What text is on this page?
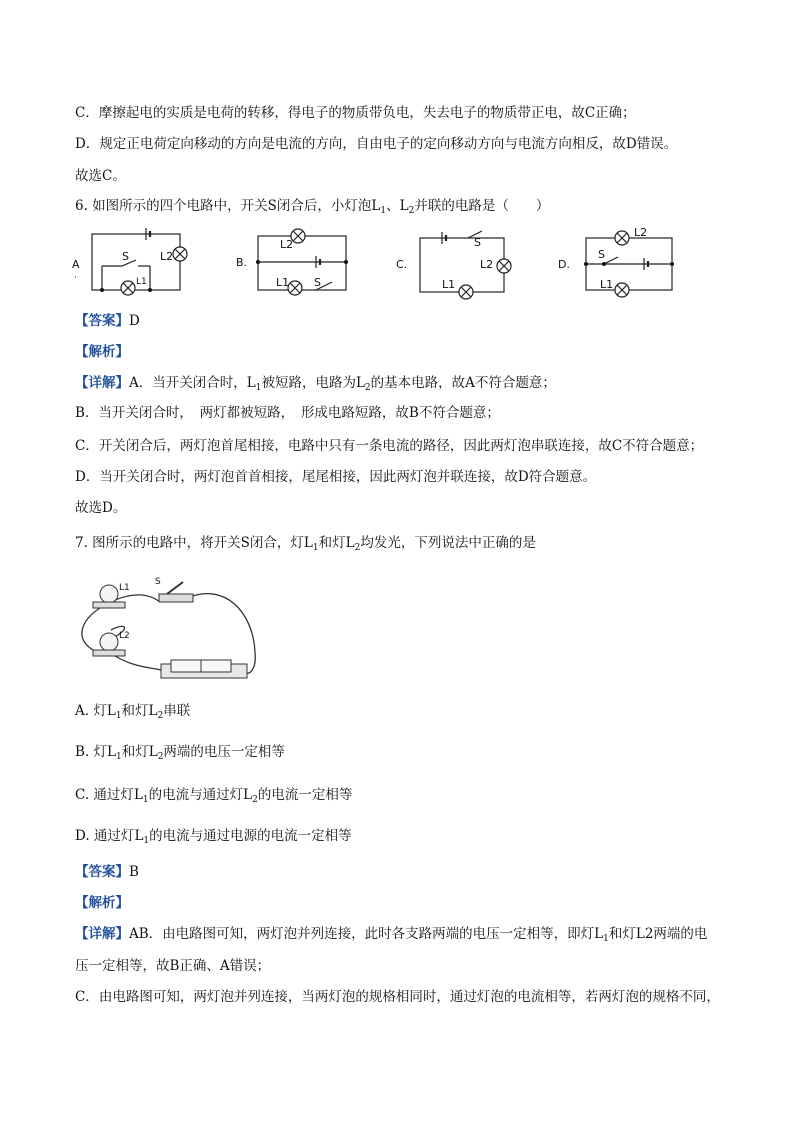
C．摩擦起电的实质是电荷的转移，得电子的物质带负电，失去电子的物质带正电，故C正确；
D．规定正电荷定向移动的方向是电流的方向，自由电子的定向移动方向与电流方向相反，故D错误。
故选C。
6. 如图所示的四个电路中，开关S闭合后，小灯泡$L_1$、$L_2$并联的电路是（　　）
A
·
S	L2
L1
B.
L2
L1 S
C.
S
L2
L1
D.
S
L2
L1
【答案】D
【解析】
【详解】A．当开关闭合时，$L_1$被短路，电路为$L_2$的基本电路，故A不符合题意；
B．当开关闭合时，　两灯都被短路，　形成电路短路，故B不符合题意；
C．开关闭合后，两灯泡首尾相接，电路中只有一条电流的路径，因此两灯泡串联连接，故C不符合题意；
D．当开关闭合时，两灯泡首首相接，尾尾相接，因此两灯泡并联连接，故D符合题意。
故选D。
7. 图所示的电路中，将开关S闭合，灯$L_1$和灯$L_2$均发光，下列说法中正确的是
L1
L2
S
A. 灯$L_1$和灯$L_2$串联
B. 灯$L_1$和灯$L_2$两端的电压一定相等
C. 通过灯$L_1$的电流与通过灯$L_2$的电流一定相等
D. 通过灯$L_1$的电流与通过电源的电流一定相等
【答案】B
【解析】
【详解】AB．由电路图可知，两灯泡并列连接，此时各支路两端的电压一定相等，即灯$L_1$和灯L2两端的电
压一定相等，故B正确、A错误；
C．由电路图可知，两灯泡并列连接，当两灯泡的规格相同时，通过灯泡的电流相等，若两灯泡的规格不同，
